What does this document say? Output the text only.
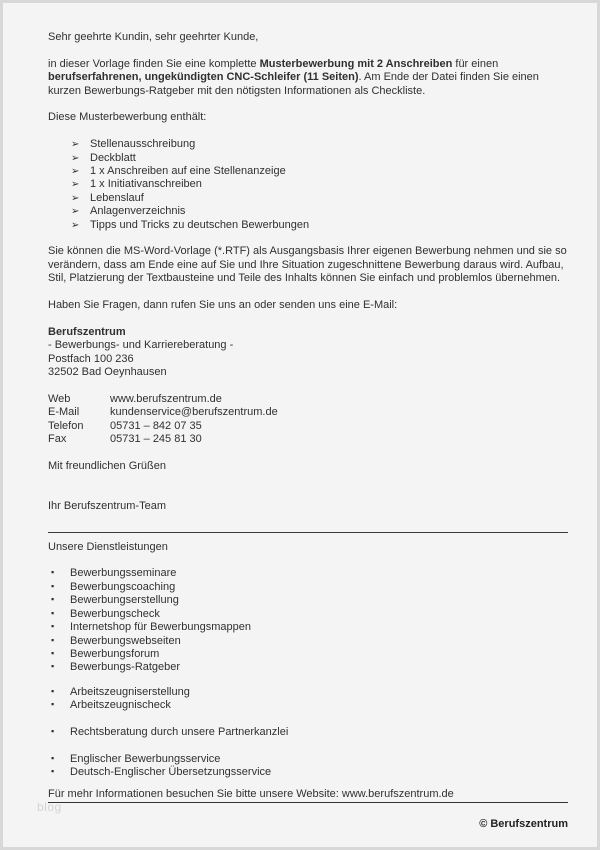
Sehr geehrte Kundin, sehr geehrter Kunde,

in dieser Vorlage finden Sie eine komplette Musterbewerbung mit 2 Anschreiben für einen berufserfahrenen, ungekündigten CNC-Schleifer (11 Seiten). Am Ende der Datei finden Sie einen kurzen Bewerbungs-Ratgeber mit den nötigsten Informationen als Checkliste.

Diese Musterbewerbung enthält:

➢ Stellenausschreibung
➢ Deckblatt
➢ 1 x Anschreiben auf eine Stellenanzeige
➢ 1 x Initiativanschreiben
➢ Lebenslauf
➢ Anlagenverzeichnis
➢ Tipps und Tricks zu deutschen Bewerbungen

Sie können die MS-Word-Vorlage (*.RTF) als Ausgangsbasis Ihrer eigenen Bewerbung nehmen und sie so verändern, dass am Ende eine auf Sie und Ihre Situation zugeschnittene Bewerbung daraus wird. Aufbau, Stil, Platzierung der Textbausteine und Teile des Inhalts können Sie einfach und problemlos übernehmen.

Haben Sie Fragen, dann rufen Sie uns an oder senden uns eine E-Mail:

Berufszentrum

- Bewerbungs- und Karriereberatung -
Postfach 100 236
32502 Bad Oeynhausen
Web	www.berufszentrum.de
E-Mail	kundenservice@berufszentrum.de
Telefon 05731 – 842 07 35
Fax	05731 – 245 81 30

Mit freundlichen Grüßen

Ihr Berufszentrum-Team

Unsere Dienstleistungen

▪ Bewerbungsseminare
▪ Bewerbungscoaching
▪ Bewerbungserstellung
▪ Bewerbungscheck
▪ Internetshop für Bewerbungsmappen
▪ Bewerbungswebseiten
▪ Bewerbungsforum
▪ Bewerbungs-Ratgeber
▪ Arbeitszeugniserstellung
▪ Arbeitszeugnischeck
▪ Rechtsberatung durch unsere Partnerkanzlei
▪ Englischer Bewerbungsservice
▪ Deutsch-Englischer Übersetzungsservice

Für mehr Informationen besuchen Sie bitte unsere Website: www.berufszentrum.de

© Berufszentrum

blog
